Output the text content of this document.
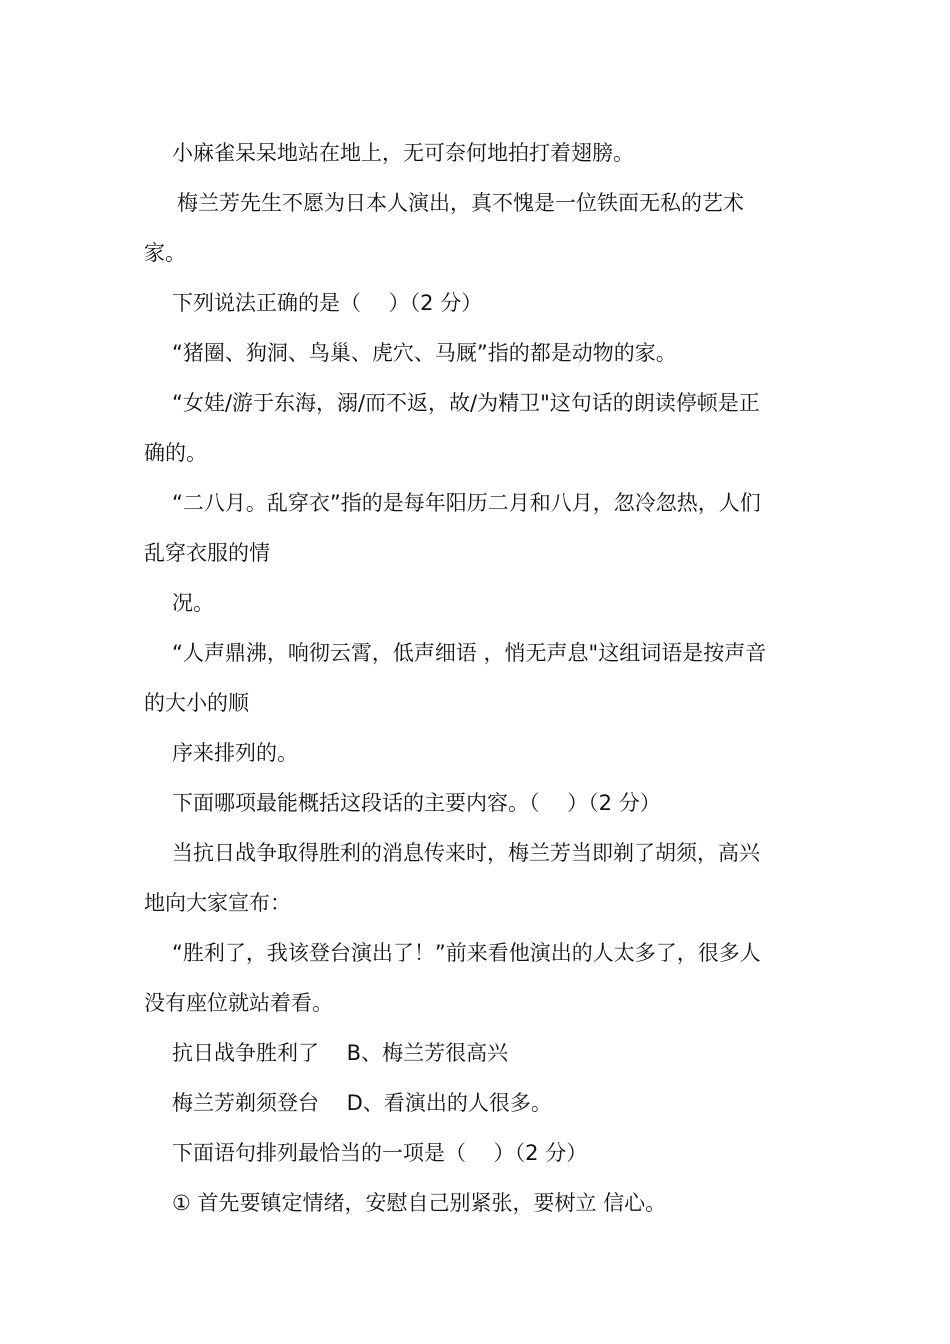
小麻雀呆呆地站在地上，无可奈何地拍打着翅膀。
梅兰芳先生不愿为日本人演出，真不愧是一位铁面无私的艺术
家。
下列说法正确的是（　 ）（2 分）
“猪圈、狗洞、鸟巢、虎穴、马厩”指的都是动物的家。
“女娃/游于东海，溺/而不返，故/为精卫"这句话的朗读停顿是正
确的。
“二八月。乱穿衣”指的是每年阳历二月和八月，忽冷忽热，人们
乱穿衣服的情
况。
“人声鼎沸，响彻云霄，低声细语 ，悄无声息"这组词语是按声音
的大小的顺
序来排列的。
下面哪项最能概括这段话的主要内容。（　 ）（2 分）
当抗日战争取得胜利的消息传来时，梅兰芳当即剃了胡须，高兴
地向大家宣布：
“胜利了，我该登台演出了！”前来看他演出的人太多了，很多人
没有座位就站着看。
抗日战争胜利了　 B、梅兰芳很高兴
梅兰芳剃须登台　 D、看演出的人很多。
下面语句排列最恰当的一项是（　 ）（2 分）
① 首先要镇定情绪，安慰自己别紧张，要树立 信心。
